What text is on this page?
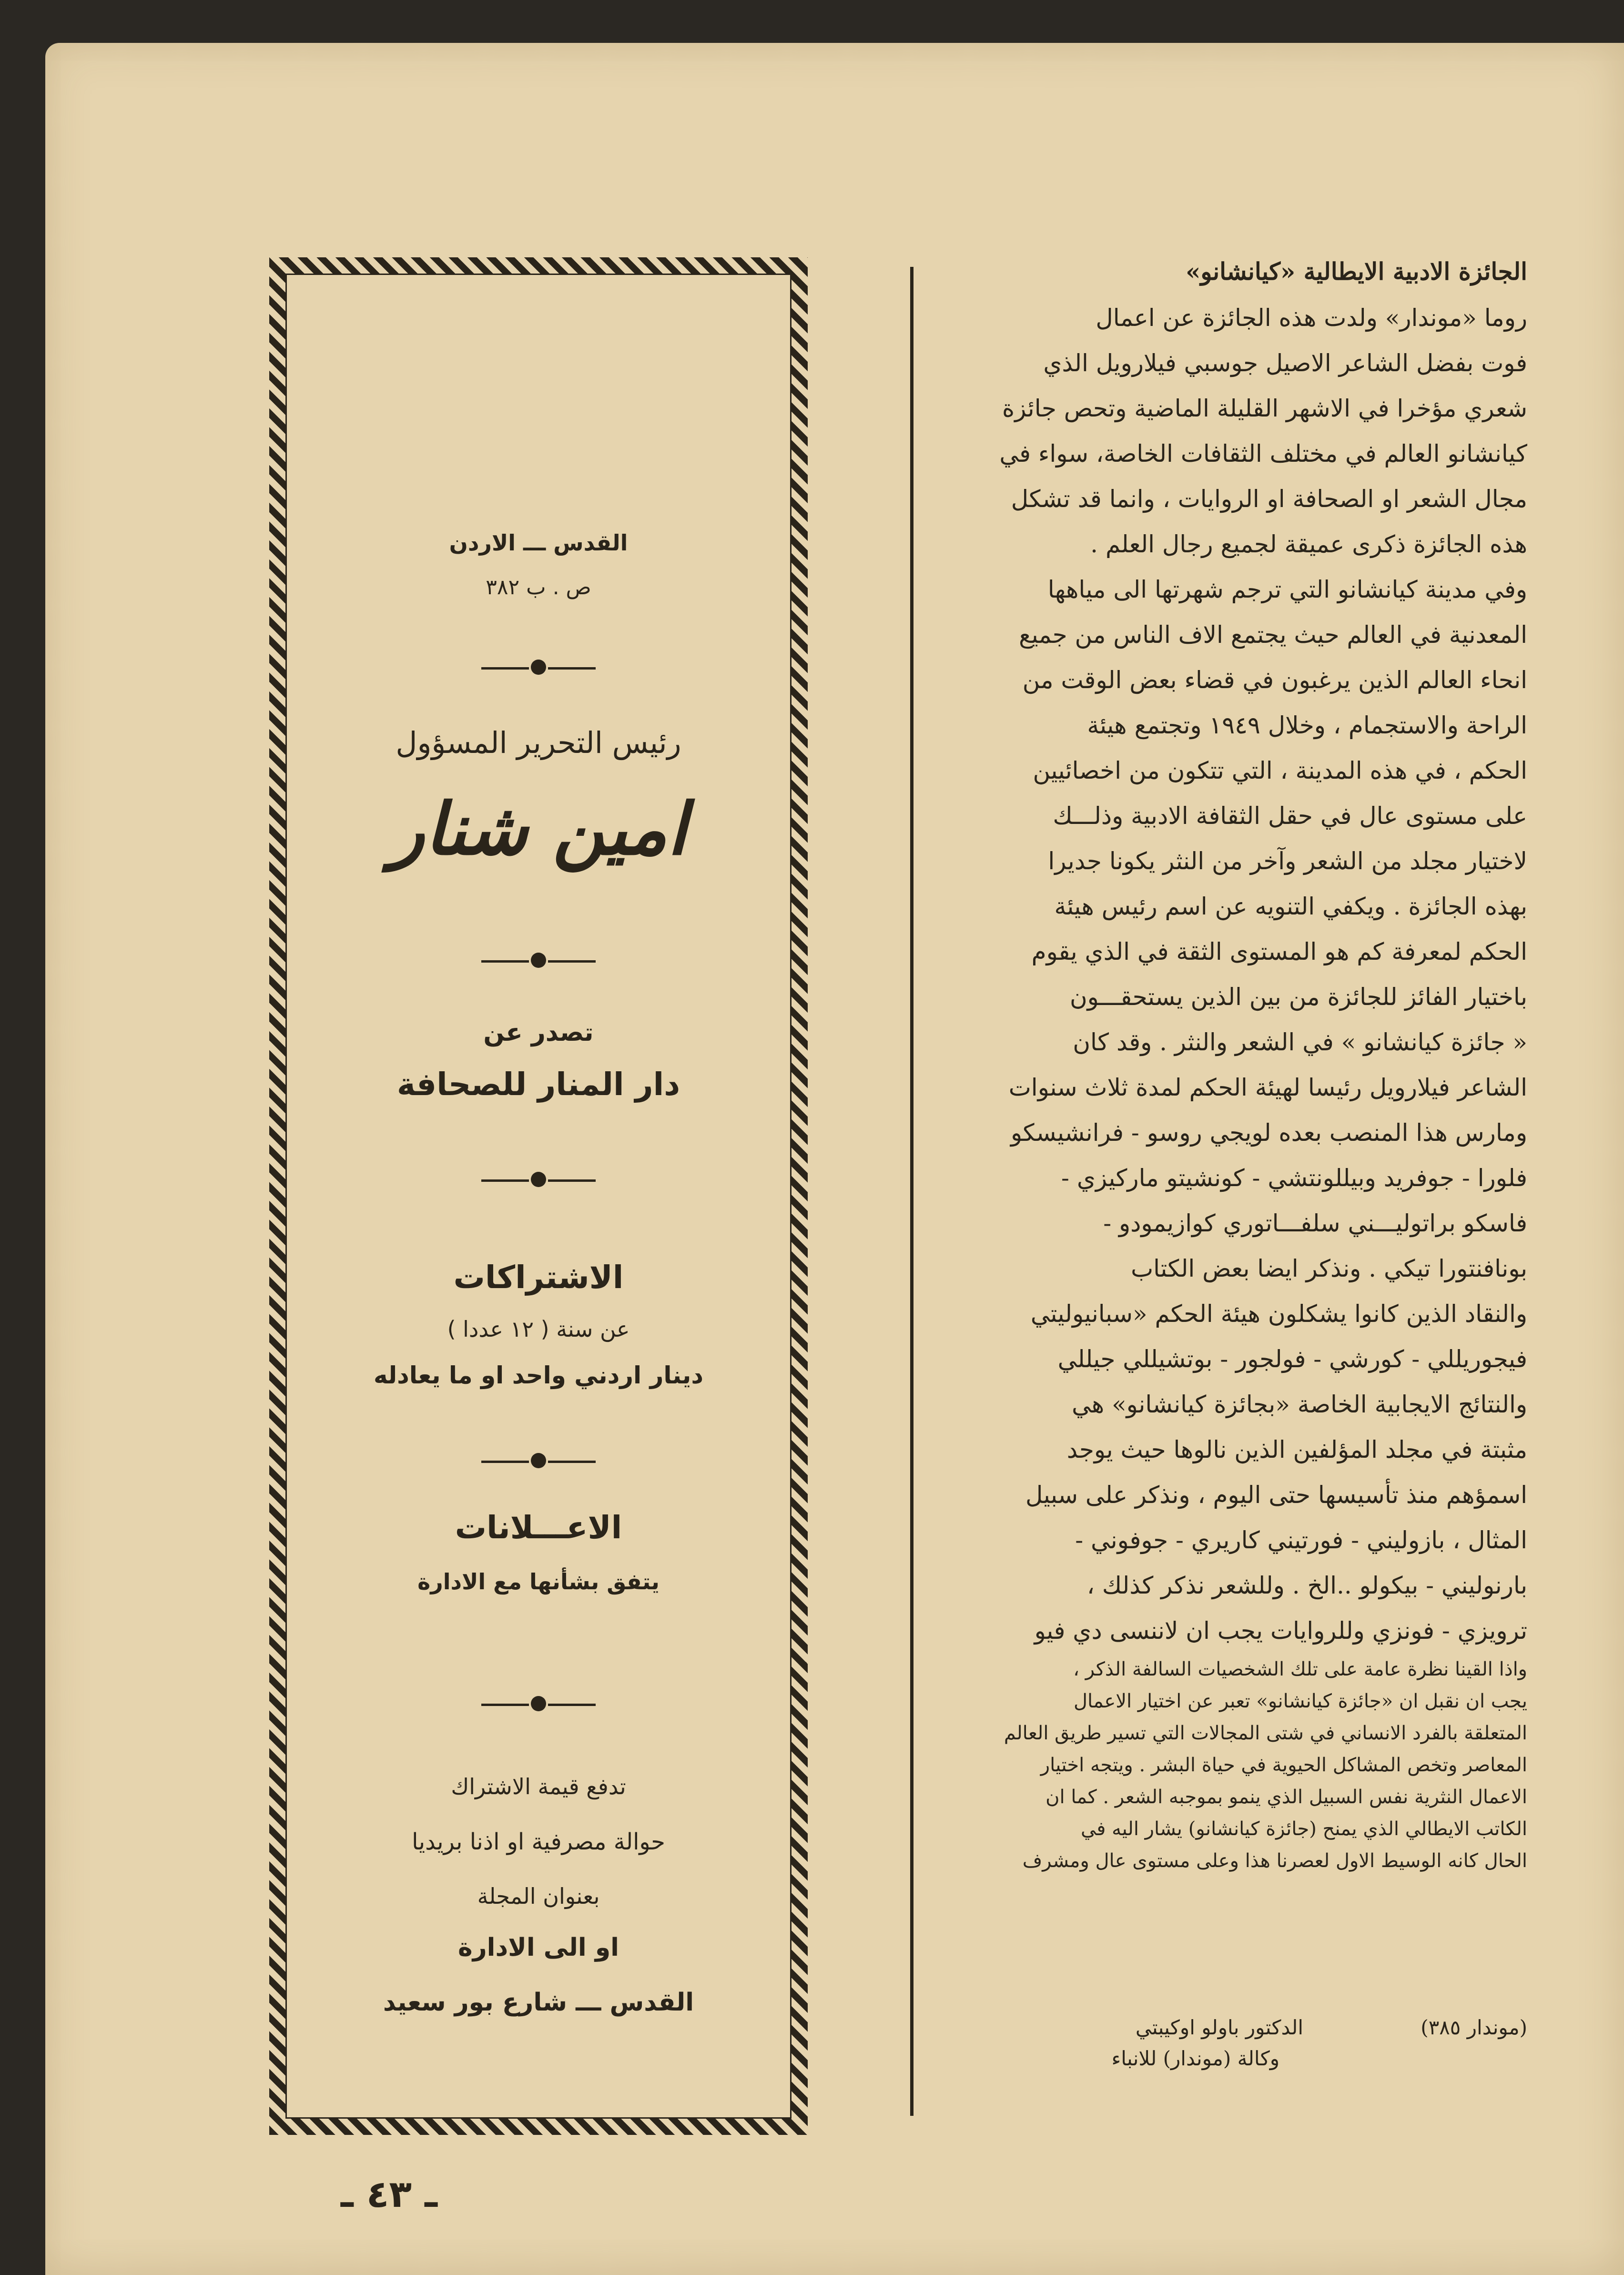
الجائزة الادبية الايطالية «كيانشانو»
روما «موندار» ولدت هذه الجائزة عن اعمال
فوت بفضل الشاعر الاصيل جوسبي فيلارويل الذي
شعري مؤخرا في الاشهر القليلة الماضية وتحص جائزة
كيانشانو العالم في مختلف الثقافات الخاصة، سواء في
مجال الشعر او الصحافة او الروايات ، وانما قد تشكل
هذه الجائزة ذكرى عميقة لجميع رجال العلم .
وفي مدينة كيانشانو التي ترجم شهرتها الى مياهها
المعدنية في العالم حيث يجتمع الاف الناس من جميع
انحاء العالم الذين يرغبون في قضاء بعض الوقت من
الراحة والاستجمام ، وخلال ١٩٤٩ وتجتمع هيئة
الحكم ، في هذه المدينة ، التي تتكون من اخصائيين
على مستوى عال في حقل الثقافة الادبية وذلـــك
لاختيار مجلد من الشعر وآخر من النثر يكونا جديرا
بهذه الجائزة . ويكفي التنويه عن اسم رئيس هيئة
الحكم لمعرفة كم هو المستوى الثقة في الذي يقوم
باختيار الفائز للجائزة من بين الذين يستحقـــون
« جائزة كيانشانو » في الشعر والنثر . وقد كان
الشاعر فيلارويل رئيسا لهيئة الحكم لمدة ثلاث سنوات
ومارس هذا المنصب بعده لويجي روسو - فرانشيسكو
فلورا - جوفريد وبيللونتشي - كونشيتو ماركيزي -
فاسكو براتوليـــني سلفـــاتوري كوازيمودو -
بونافنتورا تيكي . ونذكر ايضا بعض الكتاب
والنقاد الذين كانوا يشكلون هيئة الحكم «سبانيوليتي
فيجوريللي - كورشي - فولجور - بوتشيللي جيللي
والنتائج الايجابية الخاصة «بجائزة كيانشانو» هي
مثبتة في مجلد المؤلفين الذين نالوها حيث يوجد
اسمؤهم منذ تأسيسها حتى اليوم ، ونذكر على سبيل
المثال ، بازوليني - فورتيني كاريري - جوفوني -
بارنوليني - بيكولو ..الخ . وللشعر نذكر كذلك ،
ترويزي - فونزي وللروايات يجب ان لاننسى دي فيو
واذا القينا نظرة عامة على تلك الشخصيات السالفة الذكر ،
يجب ان نقبل ان «جائزة كيانشانو» تعبر عن اختيار الاعمال
المتعلقة بالفرد الانساني في شتى المجالات التي تسير طريق العالم
المعاصر وتخص المشاكل الحيوية في حياة البشر . ويتجه اختيار
الاعمال النثرية نفس السبيل الذي ينمو بموجبه الشعر . كما ان
الكاتب الايطالي الذي يمنح (جائزة كيانشانو) يشار اليه في
الحال كانه الوسيط الاول لعصرنا هذا وعلى مستوى عال ومشرف
(موندار ٣٨٥)
الدكتور باولو اوكيبتي
وكالة (موندار) للانباء
القدس ـــ الاردن
ص . ب ٣٨٢
رئيس التحرير المسؤول
امين شنار
تصدر عن
دار المنار للصحافة
الاشتراكات
عن سنة ( ١٢ عددا )
دينار اردني واحد او ما يعادله
الاعـــلانات
يتفق بشأنها مع الادارة
تدفع قيمة الاشتراك
حوالة مصرفية او اذنا بريديا
بعنوان المجلة
او الى الادارة
القدس ـــ شارع بور سعيد
ـ ٤٣ ـ
